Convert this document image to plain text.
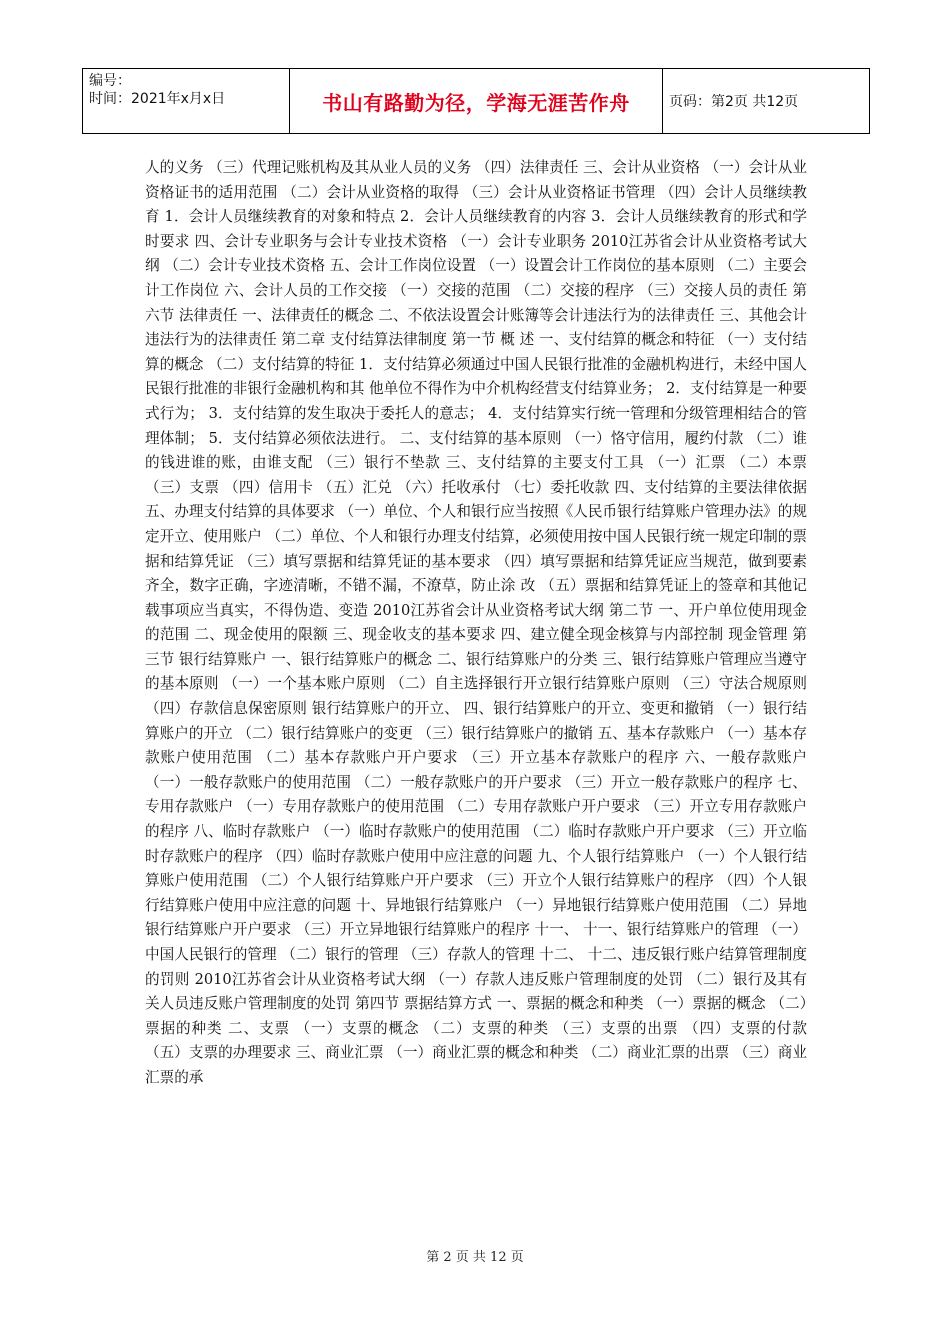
编号：
时间：2021年x月x日	书山有路勤为径，学海无涯苦作舟	页码：第2页 共12页

人的义务 （三）代理记账机构及其从业人员的义务 （四）法律责任 三、会计从业资格 （一）会计从业资格证书的适用范围 （二）会计从业资格的取得 （三）会计从业资格证书管理 （四）会计人员继续教育 1．会计人员继续教育的对象和特点 2．会计人员继续教育的内容 3．会计人员继续教育的形式和学时要求 四、会计专业职务与会计专业技术资格 （一）会计专业职务 2010江苏省会计从业资格考试大纲 （二）会计专业技术资格 五、会计工作岗位设置 （一）设置会计工作岗位的基本原则 （二）主要会计工作岗位 六、会计人员的工作交接 （一）交接的范围 （二）交接的程序 （三）交接人员的责任 第六节 法律责任 一、法律责任的概念 二、不依法设置会计账簿等会计违法行为的法律责任 三、其他会计违法行为的法律责任 第二章 支付结算法律制度 第一节 概 述 一、支付结算的概念和特征 （一）支付结算的概念 （二）支付结算的特征 1．支付结算必须通过中国人民银行批准的金融机构进行，未经中国人民银行批准的非银行金融机构和其 他单位不得作为中介机构经营支付结算业务； 2．支付结算是一种要式行为； 3．支付结算的发生取决于委托人的意志； 4．支付结算实行统一管理和分级管理相结合的管理体制； 5．支付结算必须依法进行。 二、支付结算的基本原则 （一）恪守信用，履约付款 （二）谁的钱进谁的账，由谁支配 （三）银行不垫款 三、支付结算的主要支付工具 （一）汇票 （二）本票 （三）支票 （四）信用卡 （五）汇兑 （六）托收承付 （七）委托收款 四、支付结算的主要法律依据 五、办理支付结算的具体要求 （一）单位、个人和银行应当按照《人民币银行结算账户管理办法》的规定开立、使用账户 （二）单位、个人和银行办理支付结算，必须使用按中国人民银行统一规定印制的票据和结算凭证 （三）填写票据和结算凭证的基本要求 （四）填写票据和结算凭证应当规范，做到要素齐全，数字正确，字迹清晰，不错不漏，不潦草，防止涂 改 （五）票据和结算凭证上的签章和其他记载事项应当真实，不得伪造、变造 2010江苏省会计从业资格考试大纲 第二节 一、开户单位使用现金的范围 二、现金使用的限额 三、现金收支的基本要求 四、建立健全现金核算与内部控制 现金管理 第三节 银行结算账户 一、银行结算账户的概念 二、银行结算账户的分类 三、银行结算账户管理应当遵守的基本原则 （一）一个基本账户原则 （二）自主选择银行开立银行结算账户原则 （三）守法合规原则 （四）存款信息保密原则 银行结算账户的开立、 四、银行结算账户的开立、变更和撤销 （一）银行结算账户的开立 （二）银行结算账户的变更 （三）银行结算账户的撤销 五、基本存款账户 （一）基本存款账户使用范围 （二）基本存款账户开户要求 （三）开立基本存款账户的程序 六、一般存款账户 （一）一般存款账户的使用范围 （二）一般存款账户的开户要求 （三）开立一般存款账户的程序 七、专用存款账户 （一）专用存款账户的使用范围 （二）专用存款账户开户要求 （三）开立专用存款账户的程序 八、临时存款账户 （一）临时存款账户的使用范围 （二）临时存款账户开户要求 （三）开立临时存款账户的程序 （四）临时存款账户使用中应注意的问题 九、个人银行结算账户 （一）个人银行结算账户使用范围 （二）个人银行结算账户开户要求 （三）开立个人银行结算账户的程序 （四）个人银行结算账户使用中应注意的问题 十、异地银行结算账户 （一）异地银行结算账户使用范围 （二）异地银行结算账户开户要求 （三）开立异地银行结算账户的程序 十一、 十一、银行结算账户的管理 （一）中国人民银行的管理 （二）银行的管理 （三）存款人的管理 十二、 十二、违反银行账户结算管理制度的罚则 2010江苏省会计从业资格考试大纲 （一）存款人违反账户管理制度的处罚 （二）银行及其有关人员违反账户管理制度的处罚 第四节 票据结算方式 一、票据的概念和种类 （一）票据的概念 （二）票据的种类 二、支票 （一）支票的概念 （二）支票的种类 （三）支票的出票 （四）支票的付款 （五）支票的办理要求 三、商业汇票 （一）商业汇票的概念和种类 （二）商业汇票的出票 （三）商业汇票的承

第 2 页 共 12 页
